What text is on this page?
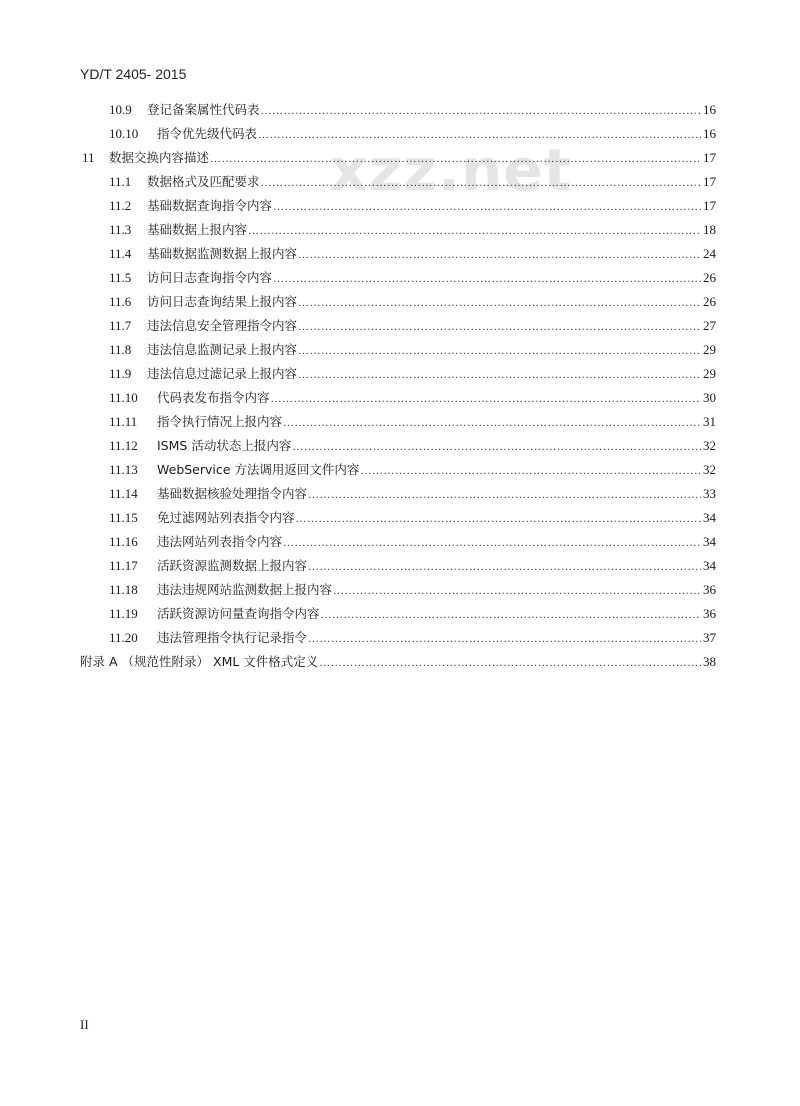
YD/T 2405- 2015
xzz.net
10.9	登记备案属性代码表 ……………………………………………………………………………………………………………………………………………………………………………………………………………………………………………	16
10.10	指令优先级代码表 ……………………………………………………………………………………………………………………………………………………………………………………………………………………………………………	16
11	数据交换内容描述 ……………………………………………………………………………………………………………………………………………………………………………………………………………………………………………	17
11.1	数据格式及匹配要求 ……………………………………………………………………………………………………………………………………………………………………………………………………………………………………………	17
11.2	基础数据查询指令内容 ……………………………………………………………………………………………………………………………………………………………………………………………………………………………………………	17
11.3	基础数据上报内容 ……………………………………………………………………………………………………………………………………………………………………………………………………………………………………………	18
11.4	基础数据监测数据上报内容 ……………………………………………………………………………………………………………………………………………………………………………………………………………………………………………	24
11.5	访问日志查询指令内容 ……………………………………………………………………………………………………………………………………………………………………………………………………………………………………………	26
11.6	访问日志查询结果上报内容 ……………………………………………………………………………………………………………………………………………………………………………………………………………………………………………	26
11.7	违法信息安全管理指令内容 ……………………………………………………………………………………………………………………………………………………………………………………………………………………………………………	27
11.8	违法信息监测记录上报内容 ……………………………………………………………………………………………………………………………………………………………………………………………………………………………………………	29
11.9	违法信息过滤记录上报内容 ……………………………………………………………………………………………………………………………………………………………………………………………………………………………………………	29
11.10	代码表发布指令内容 ……………………………………………………………………………………………………………………………………………………………………………………………………………………………………………	30
11.11	指令执行情况上报内容 ……………………………………………………………………………………………………………………………………………………………………………………………………………………………………………	31
11.12	ISMS 活动状态上报内容 ……………………………………………………………………………………………………………………………………………………………………………………………………………………………………………	32
11.13	WebService 方法调用返回文件内容 ……………………………………………………………………………………………………………………………………………………………………………………………………………………………………………	32
11.14	基础数据核验处理指令内容 ……………………………………………………………………………………………………………………………………………………………………………………………………………………………………………	33
11.15	免过滤网站列表指令内容 ……………………………………………………………………………………………………………………………………………………………………………………………………………………………………………	34
11.16	违法网站列表指令内容 ……………………………………………………………………………………………………………………………………………………………………………………………………………………………………………	34
11.17	活跃资源监测数据上报内容 ……………………………………………………………………………………………………………………………………………………………………………………………………………………………………………	34
11.18	违法违规网站监测数据上报内容 ……………………………………………………………………………………………………………………………………………………………………………………………………………………………………………	36
11.19	活跃资源访问量查询指令内容 ……………………………………………………………………………………………………………………………………………………………………………………………………………………………………………	36
11.20	违法管理指令执行记录指令 ……………………………………………………………………………………………………………………………………………………………………………………………………………………………………………	37
附录 A （规范性附录） XML 文件格式定义 ……………………………………………………………………………………………………………………………………………………………………………………………………………………………………………	38
II
